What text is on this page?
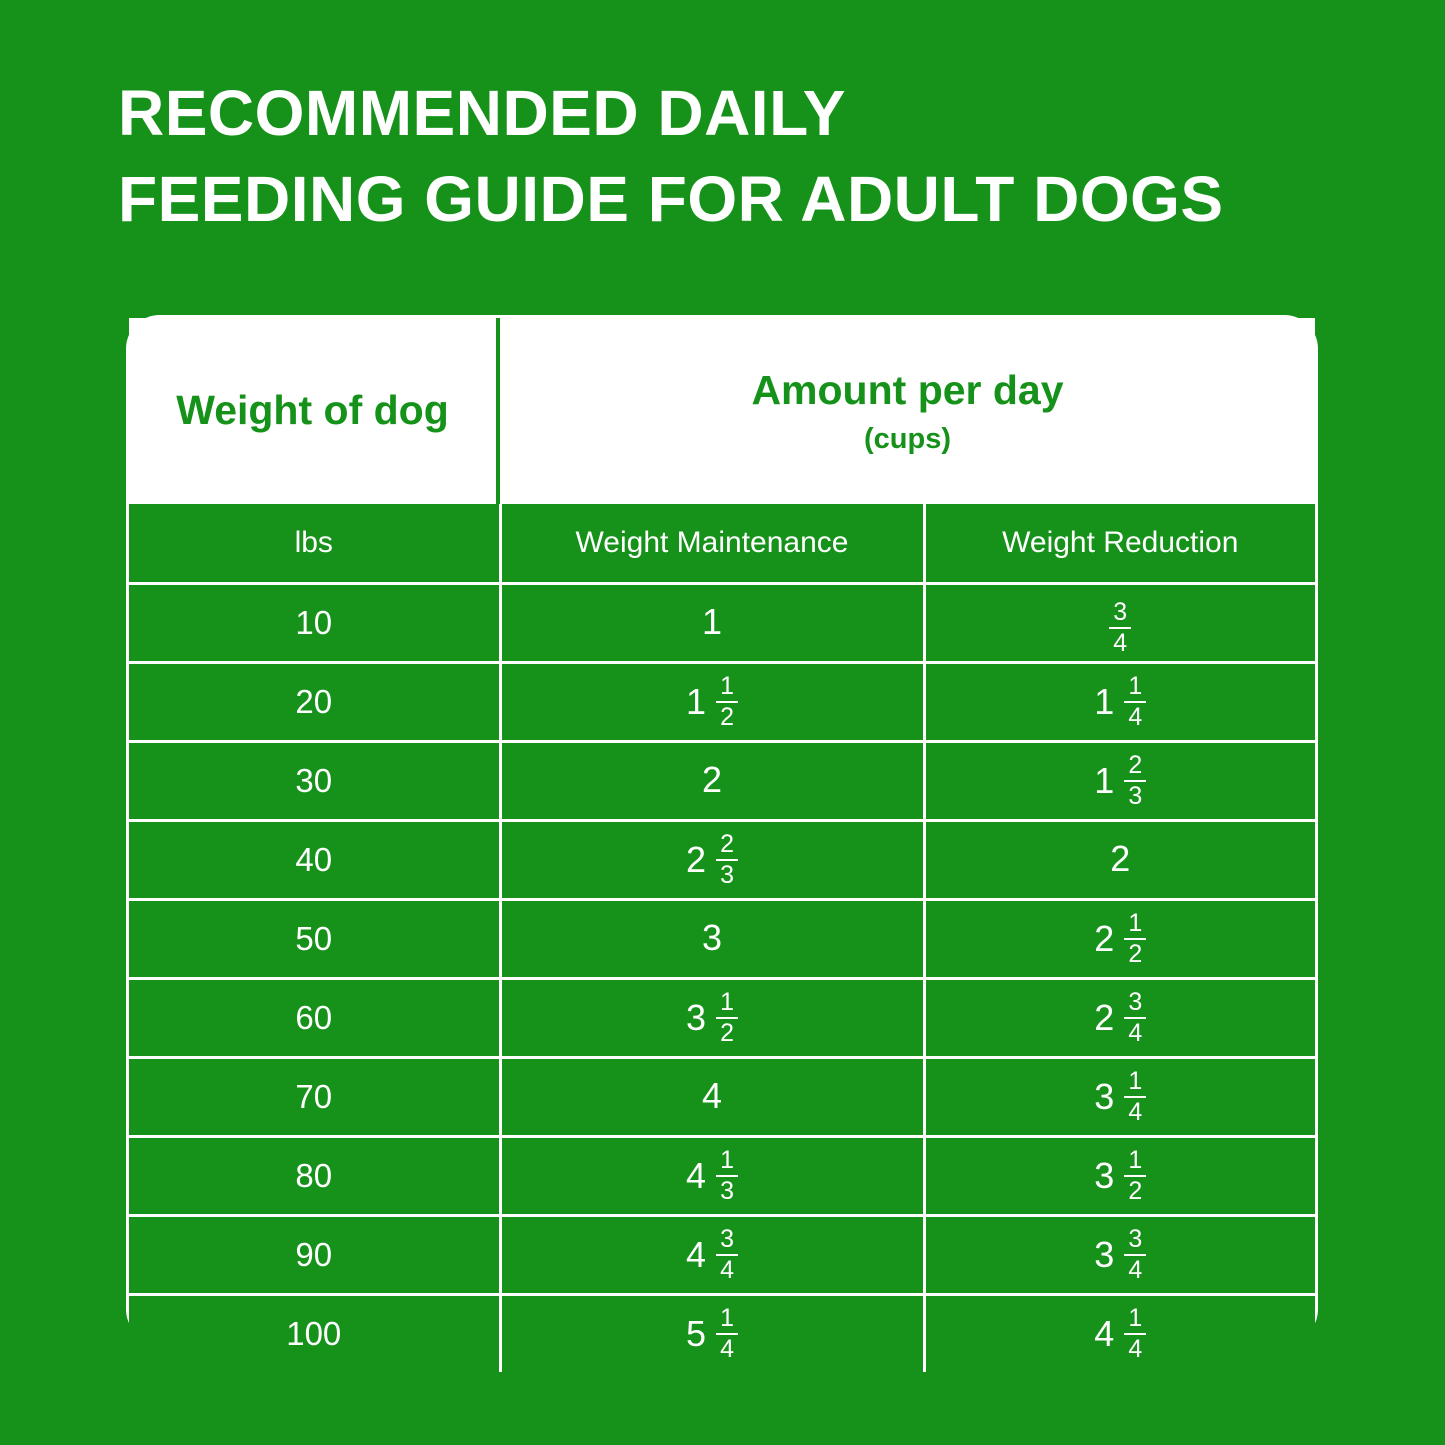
RECOMMENDED DAILY
FEEDING GUIDE FOR ADULT DOGS
Weight of dog	Amount per day
(cups)
lbs	Weight Maintenance	Weight Reduction
10	1	$\frac{3}{4}$

20	$1 \frac{1}{2}$	$1 \frac{1}{4}$

30	2	$1 \frac{2}{3}$

40	$2 \frac{2}{3}$	2

50	3	$2 \frac{1}{2}$

60	$3 \frac{1}{2}$	$2 \frac{3}{4}$

70	4	$3 \frac{1}{4}$

80	$4 \frac{1}{3}$	$3 \frac{1}{2}$

90	$4 \frac{3}{4}$	$3 \frac{3}{4}$

100	$5 \frac{1}{4}$	$4 \frac{1}{4}$
